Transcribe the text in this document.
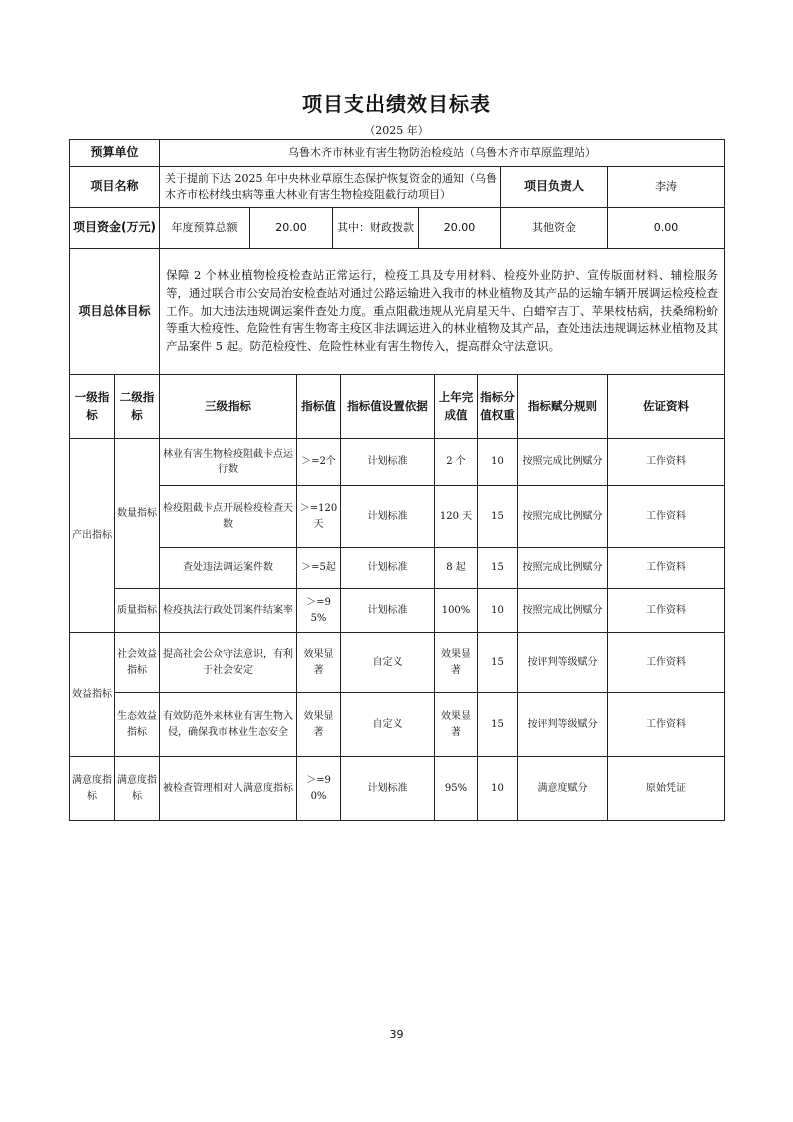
项目支出绩效目标表
（2025 年）
预算单位	乌鲁木齐市林业有害生物防治检疫站（乌鲁木齐市草原监理站）					
项目名称	关于提前下达 2025 年中央林业草原生态保护恢复资金的通知（乌鲁木齐市松材线虫病等重大林业有害生物检疫阻截行动项目）				项目负责人	李涛
项目资金(万元)	年度预算总额	20.00	其中：财政拨款	20.00	其他资金	0.00
项目总体目标	保障 2 个林业植物检疫检查站正常运行，检疫工具及专用材料、检疫外业防护、宣传版面材料、辅检服务等，通过联合市公安局治安检查站对通过公路运输进入我市的林业植物及其产品的运输车辆开展调运检疫检查工作。加大违法违规调运案件查处力度。重点阻截违规从光肩星天牛、白蜡窄吉丁、苹果枝枯病，扶桑绵粉蚧等重大检疫性、危险性有害生物寄主疫区非法调运进入的林业植物及其产品，查处违法违规调运林业植物及其产品案件 5 起。防范检疫性、危险性林业有害生物传入，提高群众守法意识。					
一级指标	二级指标	三级指标	指标值	指标值设置依据	上年完成值	指标分值权重	指标赋分规则	佐证资料
产出指标	数量指标	林业有害生物检疫阻截卡点运行数	＞=2个	计划标准	2 个	10	按照完成比例赋分	工作资料
		检疫阻截卡点开展检疫检查天数	＞=120天	计划标准	120 天	15	按照完成比例赋分	工作资料
		查处违法调运案件数	＞=5起	计划标准	8 起	15	按照完成比例赋分	工作资料
	质量指标	检疫执法行政处罚案件结案率	＞=95%	计划标准	100%	10	按照完成比例赋分	工作资料
效益指标	社会效益指标	提高社会公众守法意识，有利于社会安定	效果显著	自定义	效果显著	15	按评判等级赋分	工作资料
	生态效益指标	有效防范外来林业有害生物入侵，确保我市林业生态安全	效果显著	自定义	效果显著	15	按评判等级赋分	工作资料
满意度指标	满意度指标	被检查管理相对人满意度指标	＞=90%	计划标准	95%	10	满意度赋分	原始凭证
39
